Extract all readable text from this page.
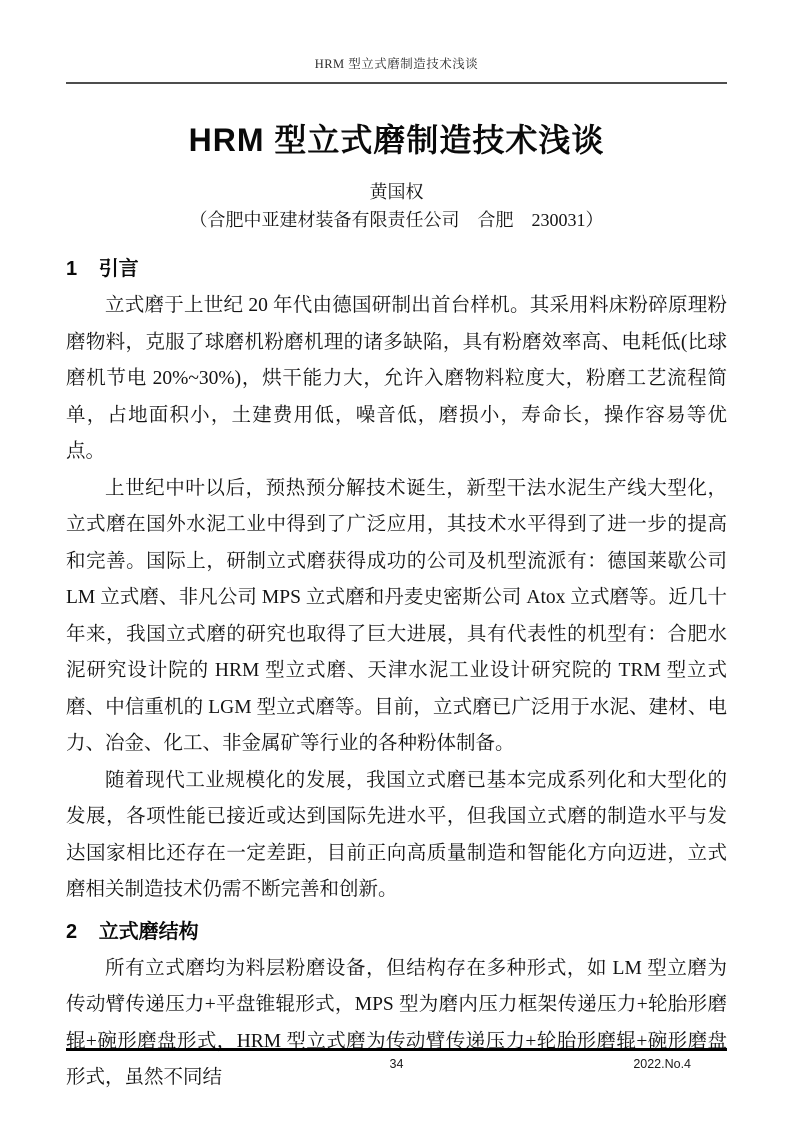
HRM 型立式磨制造技术浅谈
HRM 型立式磨制造技术浅谈
黄国权
（合肥中亚建材装备有限责任公司　合肥　230031）
1 引言

立式磨于上世纪 20 年代由德国研制出首台样机。其采用料床粉碎原理粉磨物料，克服了球磨机粉磨机理的诸多缺陷，具有粉磨效率高、电耗低(比球磨机节电 20%~30%)，烘干能力大，允许入磨物料粒度大，粉磨工艺流程简单，占地面积小，土建费用低，噪音低，磨损小，寿命长，操作容易等优点。

上世纪中叶以后，预热预分解技术诞生，新型干法水泥生产线大型化，立式磨在国外水泥工业中得到了广泛应用，其技术水平得到了进一步的提高和完善。国际上，研制立式磨获得成功的公司及机型流派有：德国莱歇公司 LM 立式磨、非凡公司 MPS 立式磨和丹麦史密斯公司 Atox 立式磨等。近几十年来，我国立式磨的研究也取得了巨大进展，具有代表性的机型有：合肥水泥研究设计院的 HRM 型立式磨、天津水泥工业设计研究院的 TRM 型立式磨、中信重机的 LGM 型立式磨等。目前，立式磨已广泛用于水泥、建材、电力、冶金、化工、非金属矿等行业的各种粉体制备。

随着现代工业规模化的发展，我国立式磨已基本完成系列化和大型化的发展，各项性能已接近或达到国际先进水平，但我国立式磨的制造水平与发达国家相比还存在一定差距，目前正向高质量制造和智能化方向迈进，立式磨相关制造技术仍需不断完善和创新。

2 立式磨结构

所有立式磨均为料层粉磨设备，但结构存在多种形式，如 LM 型立磨为传动臂传递压力+平盘锥辊形式，MPS 型为磨内压力框架传递压力+轮胎形磨辊+碗形磨盘形式，HRM 型立式磨为传动臂传递压力+轮胎形磨辊+碗形磨盘形式，虽然不同结

34	2022.No.4
